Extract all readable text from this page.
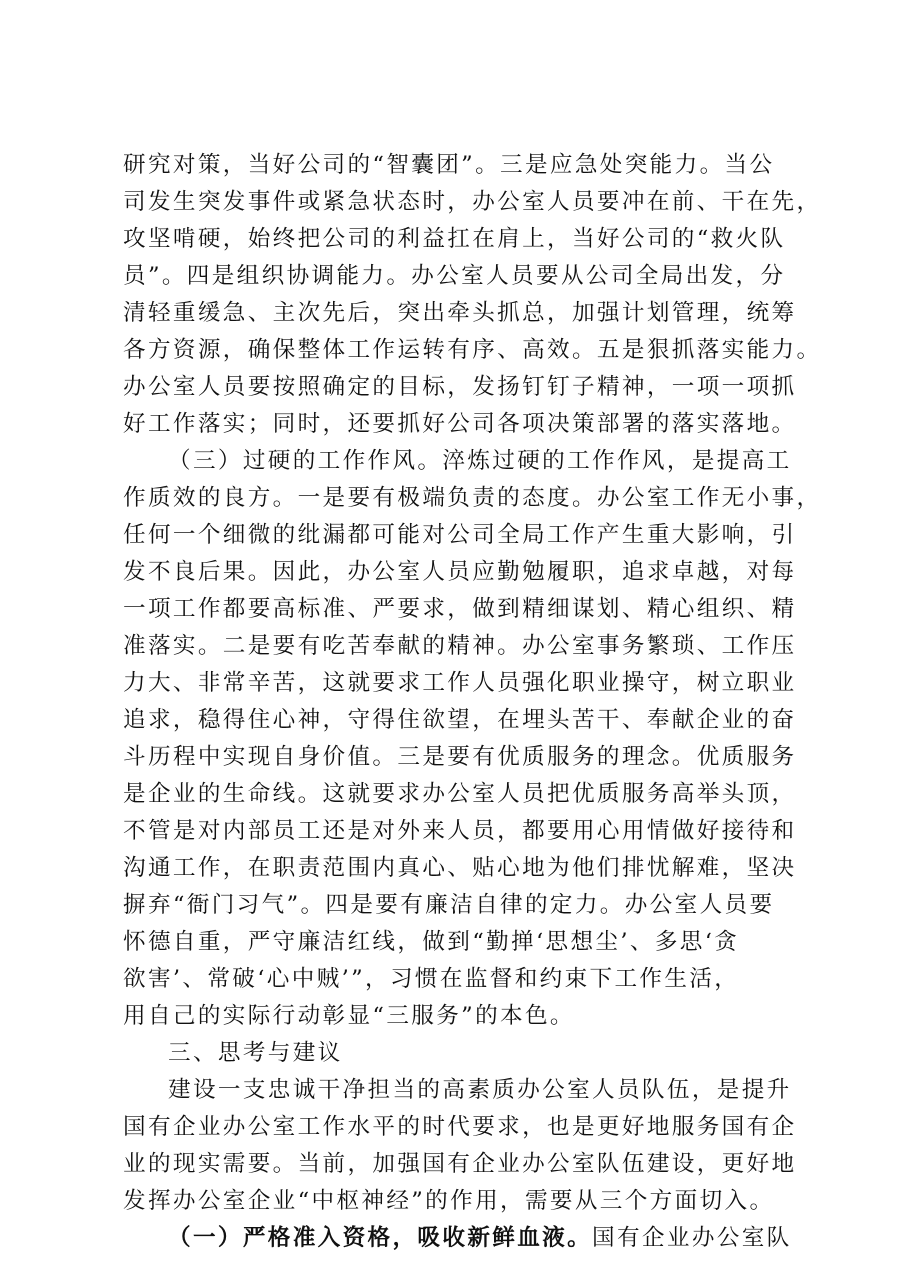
研究对策，当好公司的“智囊团”。三是应急处突能力。当公
司发生突发事件或紧急状态时，办公室人员要冲在前、干在先，
攻坚啃硬，始终把公司的利益扛在肩上，当好公司的“救火队
员”。四是组织协调能力。办公室人员要从公司全局出发，分
清轻重缓急、主次先后，突出牵头抓总，加强计划管理，统筹
各方资源，确保整体工作运转有序、高效。五是狠抓落实能力。
办公室人员要按照确定的目标，发扬钉钉子精神，一项一项抓
好工作落实；同时，还要抓好公司各项决策部署的落实落地。
（三）过硬的工作作风。淬炼过硬的工作作风，是提高工
作质效的良方。一是要有极端负责的态度。办公室工作无小事，
任何一个细微的纰漏都可能对公司全局工作产生重大影响，引
发不良后果。因此，办公室人员应勤勉履职，追求卓越，对每
一项工作都要高标准、严要求，做到精细谋划、精心组织、精
准落实。二是要有吃苦奉献的精神。办公室事务繁琐、工作压
力大、非常辛苦，这就要求工作人员强化职业操守，树立职业
追求，稳得住心神，守得住欲望，在埋头苦干、奉献企业的奋
斗历程中实现自身价值。三是要有优质服务的理念。优质服务
是企业的生命线。这就要求办公室人员把优质服务高举头顶，
不管是对内部员工还是对外来人员，都要用心用情做好接待和
沟通工作，在职责范围内真心、贴心地为他们排忧解难，坚决
摒弃“衙门习气”。四是要有廉洁自律的定力。办公室人员要
怀德自重，严守廉洁红线，做到“勤掸‘思想尘’、多思‘贪
欲害’、常破‘心中贼’”，习惯在监督和约束下工作生活，
用自己的实际行动彰显“三服务”的本色。
三、思考与建议
建设一支忠诚干净担当的高素质办公室人员队伍，是提升
国有企业办公室工作水平的时代要求，也是更好地服务国有企
业的现实需要。当前，加强国有企业办公室队伍建设，更好地
发挥办公室企业“中枢神经”的作用，需要从三个方面切入。
（一）严格准入资格，吸收新鲜血液。国有企业办公室队
